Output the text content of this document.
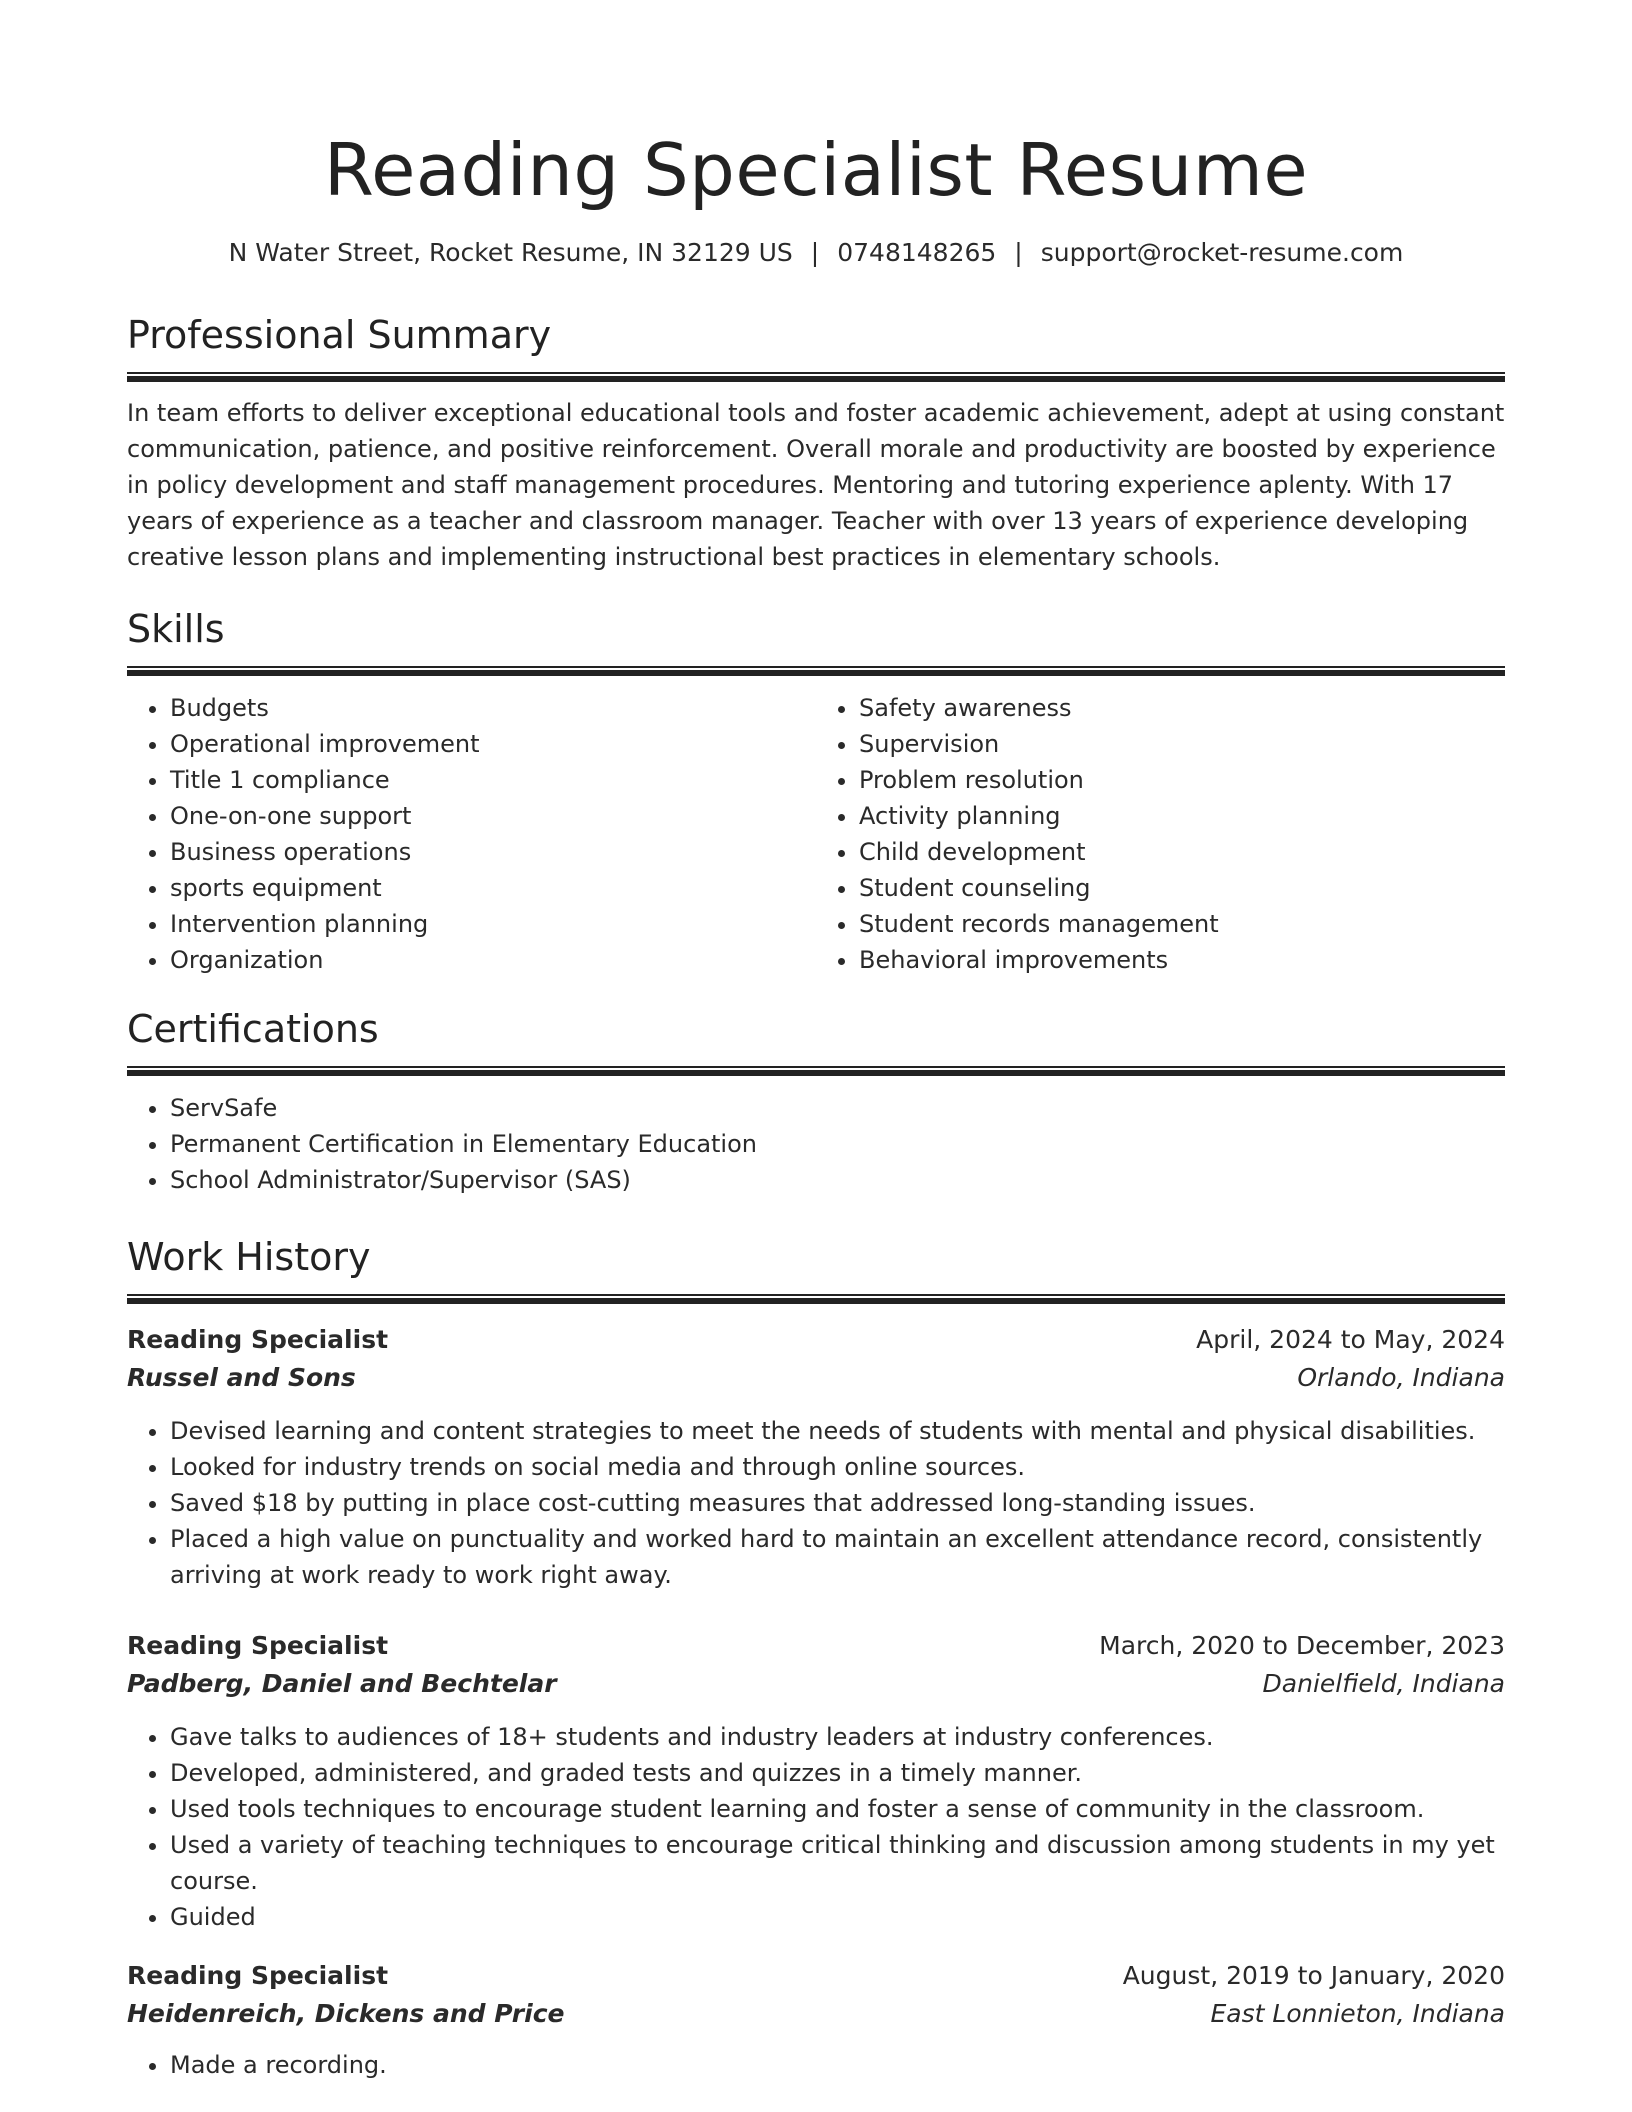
Reading Specialist Resume
N Water Street, Rocket Resume, IN 32129 US | 0748148265 | support@rocket-resume.com
Professional Summary

In team efforts to deliver exceptional educational tools and foster academic achievement, adept at using constant communication, patience, and positive reinforcement. Overall morale and productivity are boosted by experience in policy development and staff management procedures. Mentoring and tutoring experience aplenty. With 17 years of experience as a teacher and classroom manager. Teacher with over 13 years of experience developing creative lesson plans and implementing instructional best practices in elementary schools.

Skills
• Budgets
• Operational improvement
• Title 1 compliance
• One-on-one support
• Business operations
• sports equipment
• Intervention planning
• Organization
• Safety awareness
• Supervision
• Problem resolution
• Activity planning
• Child development
• Student counseling
• Student records management
• Behavioral improvements
Certifications
• ServSafe
• Permanent Certification in Elementary Education
• School Administrator/Supervisor (SAS)
Work History
Reading Specialist	April, 2024 to May, 2024
Russel and Sons	Orlando, Indiana
• Devised learning and content strategies to meet the needs of students with mental and physical disabilities.
• Looked for industry trends on social media and through online sources.
• Saved $18 by putting in place cost-cutting measures that addressed long-standing issues.
• Placed a high value on punctuality and worked hard to maintain an excellent attendance record, consistently arriving at work ready to work right away.
Reading Specialist	March, 2020 to December, 2023
Padberg, Daniel and Bechtelar	Danielfield, Indiana
• Gave talks to audiences of 18+ students and industry leaders at industry conferences.
• Developed, administered, and graded tests and quizzes in a timely manner.
• Used tools techniques to encourage student learning and foster a sense of community in the classroom.
• Used a variety of teaching techniques to encourage critical thinking and discussion among students in my yet course.
• Guided
Reading Specialist	August, 2019 to January, 2020
Heidenreich, Dickens and Price	East Lonnieton, Indiana
• Made a recording.
